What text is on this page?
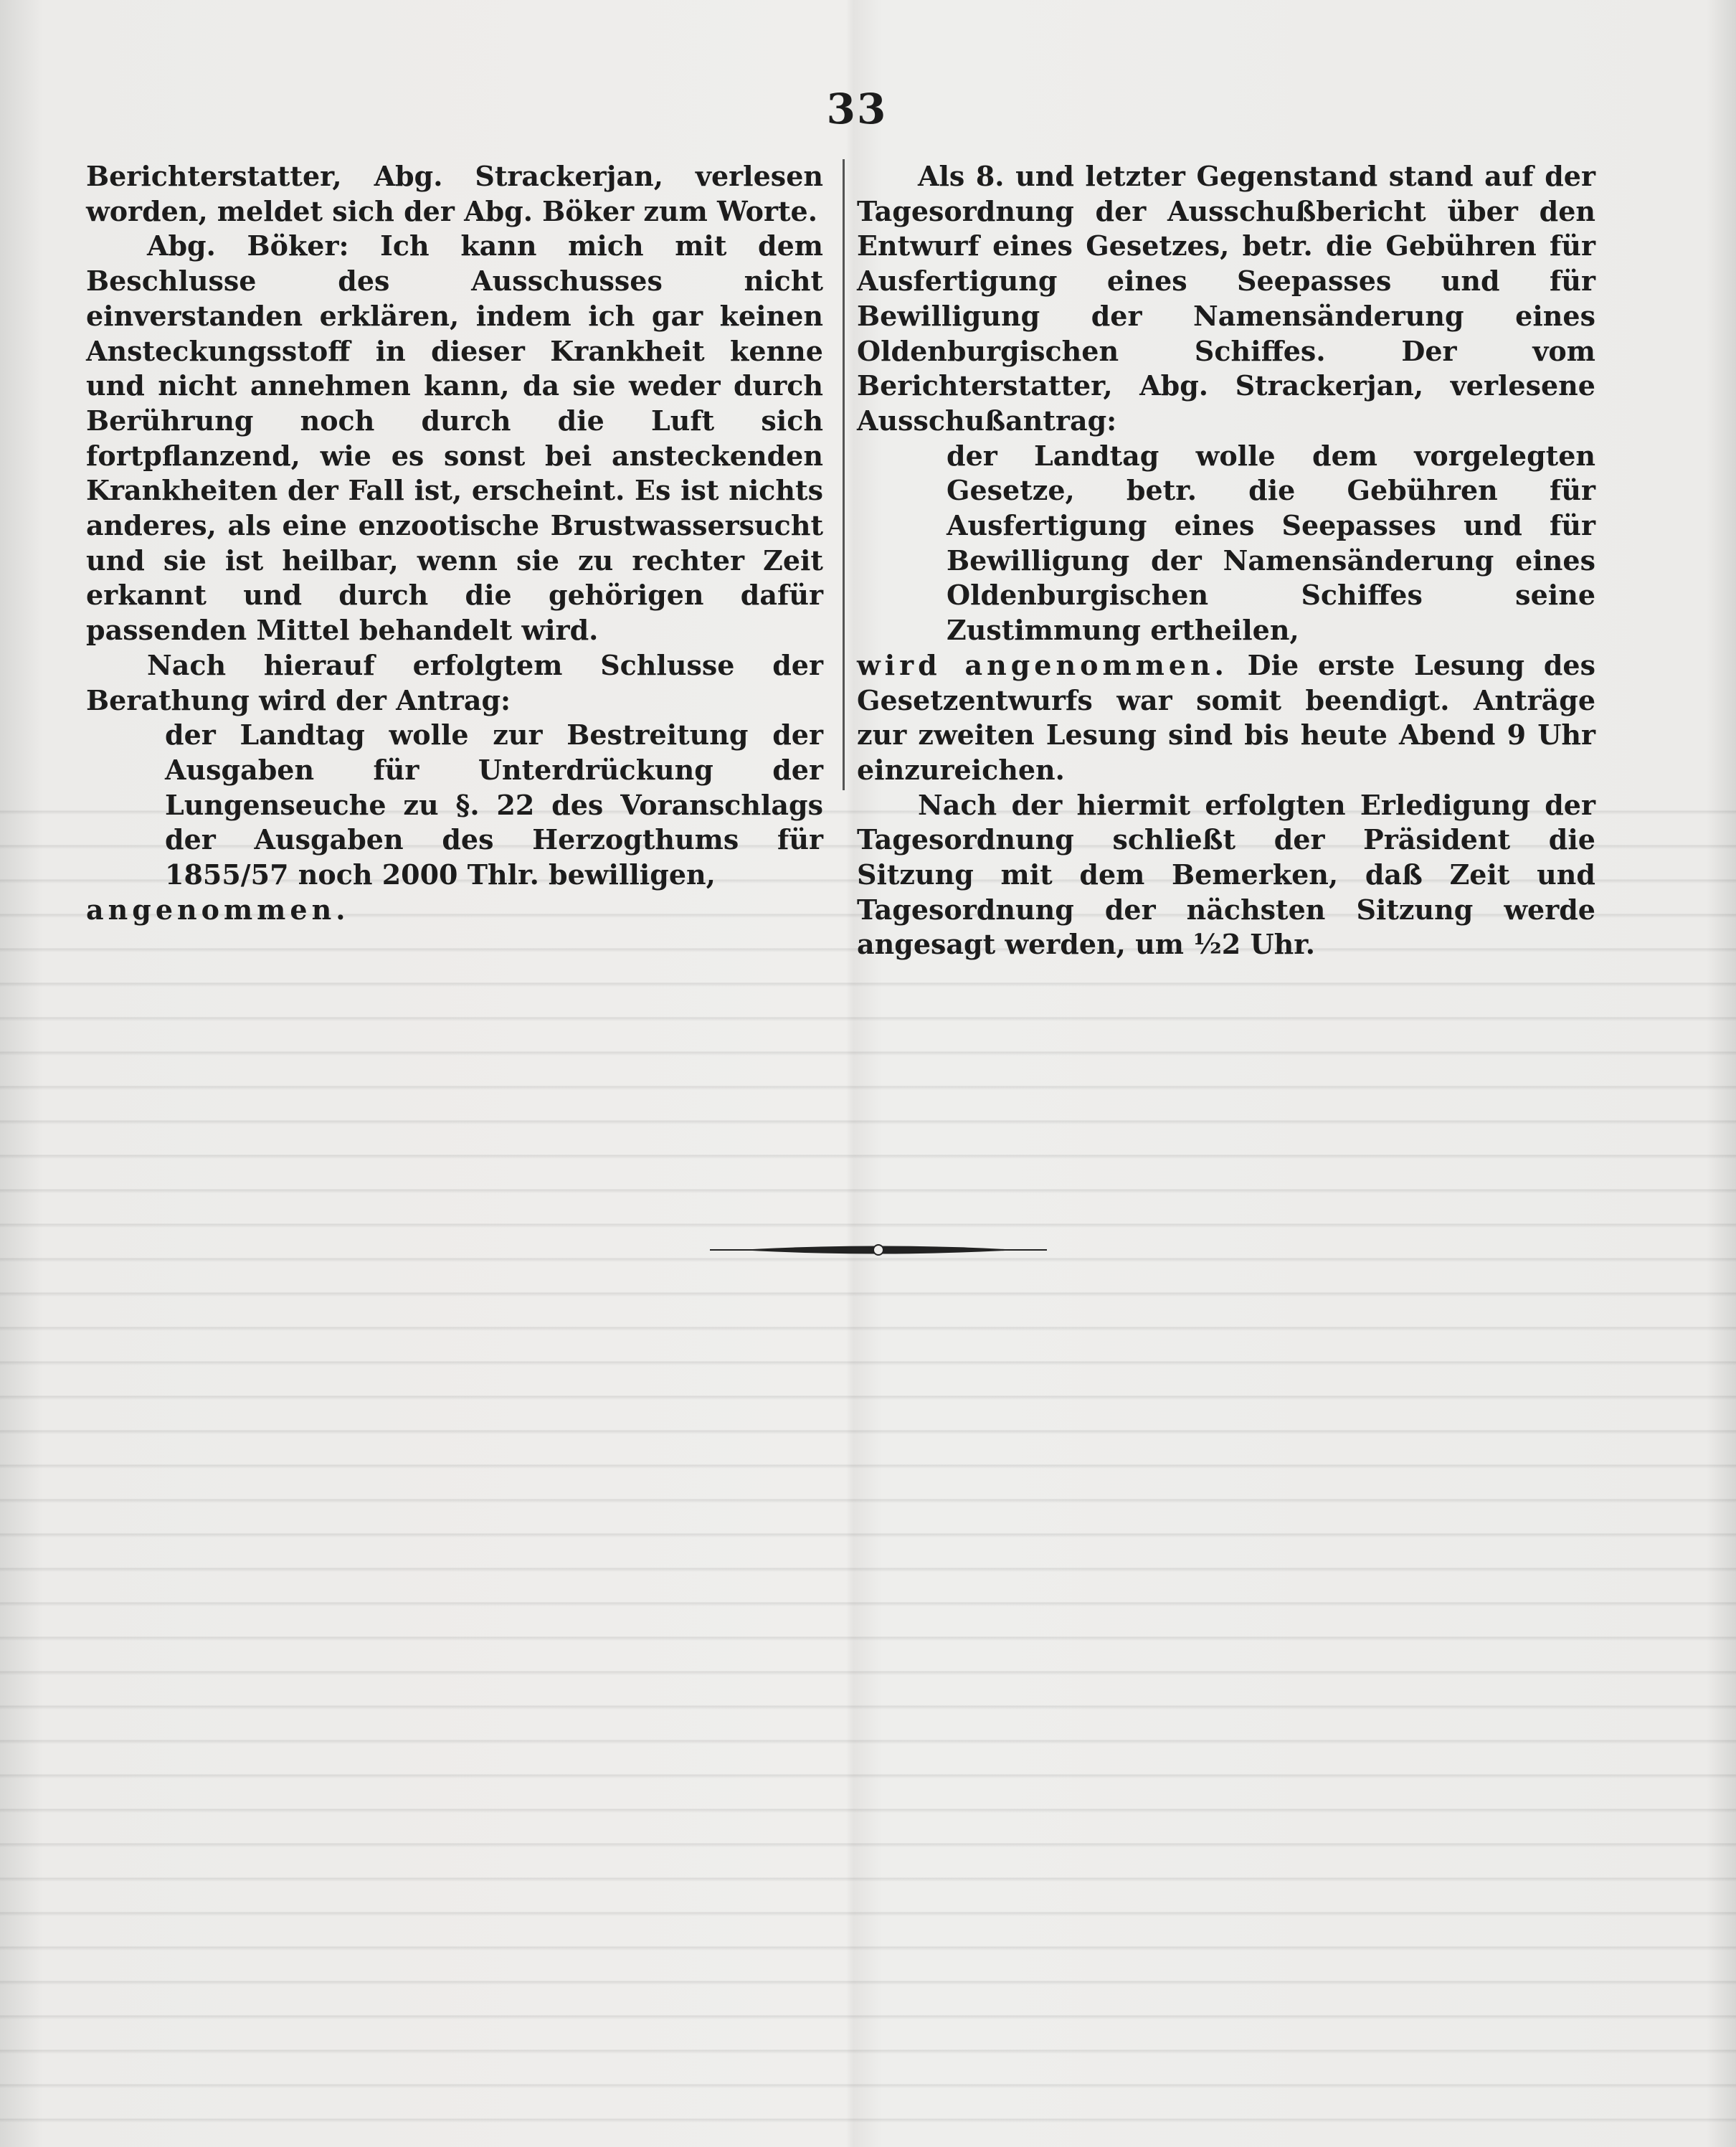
33

Berichterstatter, Abg. Strackerjan, verlesen worden, meldet sich der Abg. Böker zum Worte.

Abg. Böker: Ich kann mich mit dem Beschlusse des Ausschusses nicht einverstanden erklären, indem ich gar keinen Ansteckungsstoff in dieser Krankheit kenne und nicht annehmen kann, da sie weder durch Berührung noch durch die Luft sich fortpflanzend, wie es sonst bei ansteckenden Krankheiten der Fall ist, erscheint. Es ist nichts anderes, als eine enzootische Brustwassersucht und sie ist heilbar, wenn sie zu rechter Zeit erkannt und durch die gehörigen dafür passenden Mittel behandelt wird.

Nach hierauf erfolgtem Schlusse der Berathung wird der Antrag:

der Landtag wolle zur Bestreitung der Ausgaben für Unterdrückung der Lungenseuche zu §. 22 des Voranschlags der Ausgaben des Herzogthums für 1855/57 noch 2000 Thlr. bewilligen,

angenommen.

Als 8. und letzter Gegenstand stand auf der Tagesordnung der Ausschußbericht über den Entwurf eines Gesetzes, betr. die Gebühren für Ausfertigung eines Seepasses und für Bewilligung der Namensänderung eines Oldenburgischen Schiffes. Der vom Berichterstatter, Abg. Strackerjan, verlesene Ausschußantrag:

der Landtag wolle dem vorgelegten Gesetze, betr. die Gebühren für Ausfertigung eines Seepasses und für Bewilligung der Namensänderung eines Oldenburgischen Schiffes seine Zustimmung ertheilen,

wird angenommen. Die erste Lesung des Gesetzentwurfs war somit beendigt. Anträge zur zweiten Lesung sind bis heute Abend 9 Uhr einzureichen.

Nach der hiermit erfolgten Erledigung der Tagesordnung schließt der Präsident die Sitzung mit dem Bemerken, daß Zeit und Tagesordnung der nächsten Sitzung werde angesagt werden, um ½2 Uhr.
